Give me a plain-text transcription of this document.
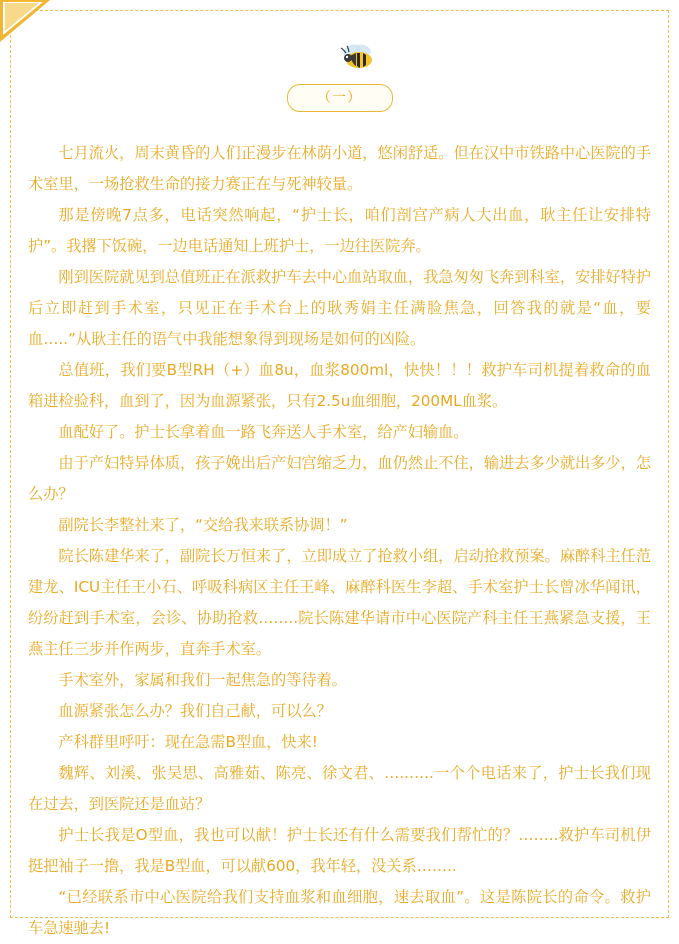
（一）

七月流火，周末黄昏的人们正漫步在林荫小道，悠闲舒适。但在汉中市铁路中心医院的手术室里，一场抢救生命的接力赛正在与死神较量。

那是傍晚7点多，电话突然响起，“护士长，咱们剖宫产病人大出血，耿主任让安排特护”。我撂下饭碗，一边电话通知上班护士，一边往医院奔。

刚到医院就见到总值班正在派救护车去中心血站取血，我急匆匆飞奔到科室，安排好特护后立即赶到手术室，只见正在手术台上的耿秀娟主任满脸焦急，回答我的就是“血，要血…..”从耿主任的语气中我能想象得到现场是如何的凶险。

总值班，我们要B型RH（+）血8u，血浆800ml，快快！！！救护车司机提着救命的血箱进检验科，血到了，因为血源紧张，只有2.5u血细胞，200ML血浆。

血配好了。护士长拿着血一路飞奔送人手术室，给产妇输血。

由于产妇特异体质，孩子娩出后产妇宫缩乏力，血仍然止不住，输进去多少就出多少，怎么办？

副院长李整社来了，“交给我来联系协调！”

院长陈建华来了，副院长万恒来了，立即成立了抢救小组，启动抢救预案。麻醉科主任范建龙、ICU主任王小石、呼吸科病区主任王峰、麻醉科医生李超、手术室护士长曾冰华闻讯，纷纷赶到手术室，会诊、协助抢救……..院长陈建华请市中心医院产科主任王燕紧急支援，王燕主任三步并作两步，直奔手术室。

手术室外，家属和我们一起焦急的等待着。

血源紧张怎么办？我们自己献，可以么？

产科群里呼吁：现在急需B型血，快来!

魏辉、刘溪、张吴思、高雅茹、陈亮、徐文君、…..…..一个个电话来了，护士长我们现在过去，到医院还是血站？

护士长我是O型血，我也可以献！护士长还有什么需要我们帮忙的？……..救护车司机伊挺把袖子一撸，我是B型血，可以献600，我年轻，没关系……..

“已经联系市中心医院给我们支持血浆和血细胞，速去取血”。这是陈院长的命令。救护车急速驰去!
